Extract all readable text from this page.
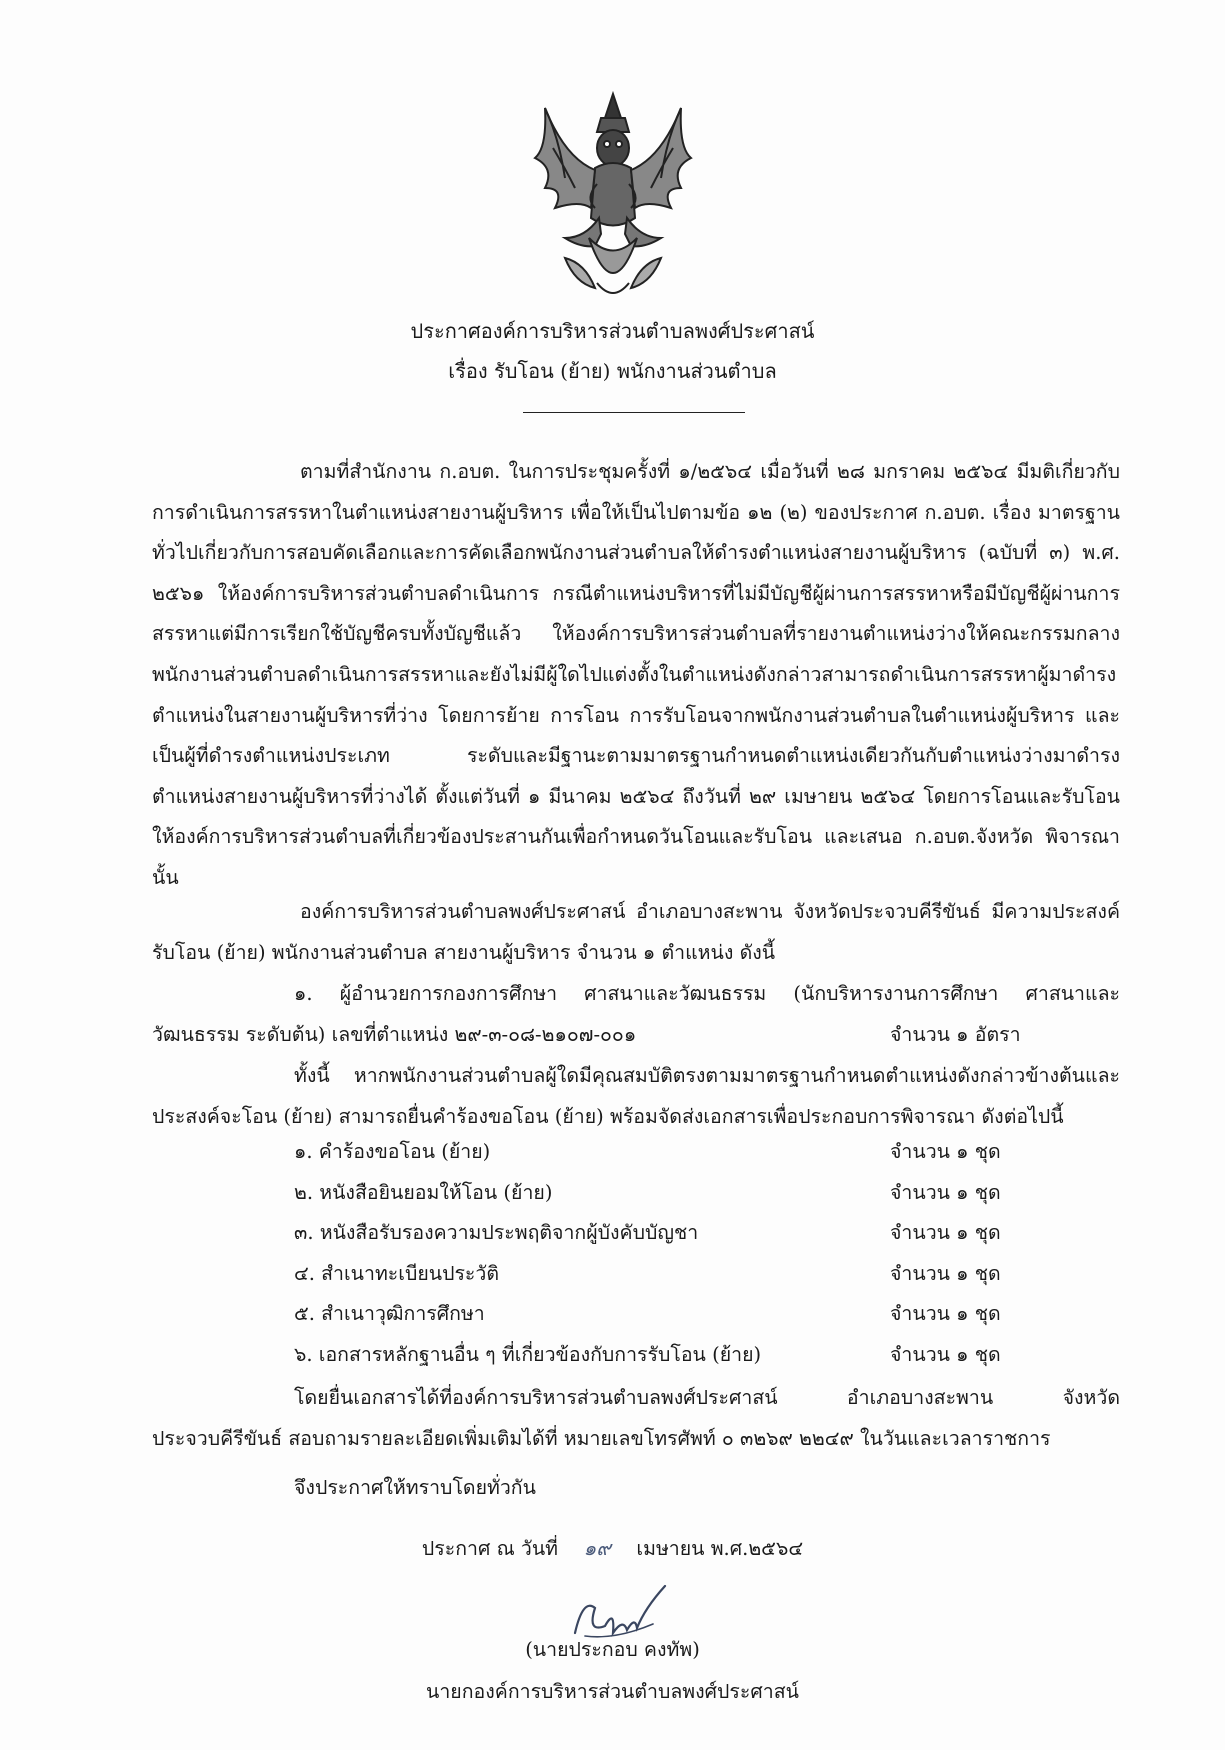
ประกาศองค์การบริหารส่วนตำบลพงศ์ประศาสน์
เรื่อง รับโอน (ย้าย) พนักงานส่วนตำบล
ตามที่สำนักงาน ก.อบต. ในการประชุมครั้งที่ ๑/๒๕๖๔ เมื่อวันที่ ๒๘ มกราคม ๒๕๖๔ มีมติเกี่ยวกับการดำเนินการสรรหาในตำแหน่งสายงานผู้บริหาร เพื่อให้เป็นไปตามข้อ ๑๒ (๒) ของประกาศ ก.อบต. เรื่อง มาตรฐานทั่วไปเกี่ยวกับการสอบคัดเลือกและการคัดเลือกพนักงานส่วนตำบลให้ดำรงตำแหน่งสายงานผู้บริหาร (ฉบับที่ ๓) พ.ศ. ๒๕๖๑ ให้องค์การบริหารส่วนตำบลดำเนินการ กรณีตำแหน่งบริหารที่ไม่มีบัญชีผู้ผ่านการสรรหาหรือมีบัญชีผู้ผ่านการสรรหาแต่มีการเรียกใช้บัญชีครบทั้งบัญชีแล้ว ให้องค์การบริหารส่วนตำบลที่รายงานตำแหน่งว่างให้คณะกรรมกลางพนักงานส่วนตำบลดำเนินการสรรหาและยังไม่มีผู้ใดไปแต่งตั้งในตำแหน่งดังกล่าวสามารถดำเนินการสรรหาผู้มาดำรงตำแหน่งในสายงานผู้บริหารที่ว่าง โดยการย้าย การโอน การรับโอนจากพนักงานส่วนตำบลในตำแหน่งผู้บริหาร และเป็นผู้ที่ดำรงตำแหน่งประเภท ระดับและมีฐานะตามมาตรฐานกำหนดตำแหน่งเดียวกันกับตำแหน่งว่างมาดำรงตำแหน่งสายงานผู้บริหารที่ว่างได้ ตั้งแต่วันที่ ๑ มีนาคม ๒๕๖๔ ถึงวันที่ ๒๙ เมษายน ๒๕๖๔ โดยการโอนและรับโอนให้องค์การบริหารส่วนตำบลที่เกี่ยวข้องประสานกันเพื่อกำหนดวันโอนและรับโอน และเสนอ ก.อบต.จังหวัด พิจารณา นั้น
องค์การบริหารส่วนตำบลพงศ์ประศาสน์ อำเภอบางสะพาน จังหวัดประจวบคีรีขันธ์ มีความประสงค์รับโอน (ย้าย) พนักงานส่วนตำบล สายงานผู้บริหาร จำนวน ๑ ตำแหน่ง ดังนี้
๑. ผู้อำนวยการกองการศึกษา ศาสนาและวัฒนธรรม (นักบริหารงานการศึกษา ศาสนาและวัฒนธรรม ระดับต้น) เลขที่ตำแหน่ง ๒๙-๓-๐๘-๒๑๐๗-๐๐๑	จำนวน ๑ อัตรา
ทั้งนี้ หากพนักงานส่วนตำบลผู้ใดมีคุณสมบัติตรงตามมาตรฐานกำหนดตำแหน่งดังกล่าวข้างต้นและประสงค์จะโอน (ย้าย) สามารถยื่นคำร้องขอโอน (ย้าย) พร้อมจัดส่งเอกสารเพื่อประกอบการพิจารณา ดังต่อไปนี้
๑. คำร้องขอโอน (ย้าย)	จำนวน ๑ ชุด
๒. หนังสือยินยอมให้โอน (ย้าย)	จำนวน ๑ ชุด
๓. หนังสือรับรองความประพฤติจากผู้บังคับบัญชา	จำนวน ๑ ชุด
๔. สำเนาทะเบียนประวัติ	จำนวน ๑ ชุด
๕. สำเนาวุฒิการศึกษา	จำนวน ๑ ชุด
๖. เอกสารหลักฐานอื่น ๆ ที่เกี่ยวข้องกับการรับโอน (ย้าย)	จำนวน ๑ ชุด
โดยยื่นเอกสารได้ที่องค์การบริหารส่วนตำบลพงศ์ประศาสน์ อำเภอบางสะพาน จังหวัดประจวบคีรีขันธ์ สอบถามรายละเอียดเพิ่มเติมได้ที่ หมายเลขโทรศัพท์ ๐ ๓๒๖๙ ๒๒๔๙ ในวันและเวลาราชการ
จึงประกาศให้ทราบโดยทั่วกัน
ประกาศ ณ วันที่ ๑๙ เมษายน พ.ศ.๒๕๖๔
(นายประกอบ คงทัพ)
นายกองค์การบริหารส่วนตำบลพงศ์ประศาสน์
